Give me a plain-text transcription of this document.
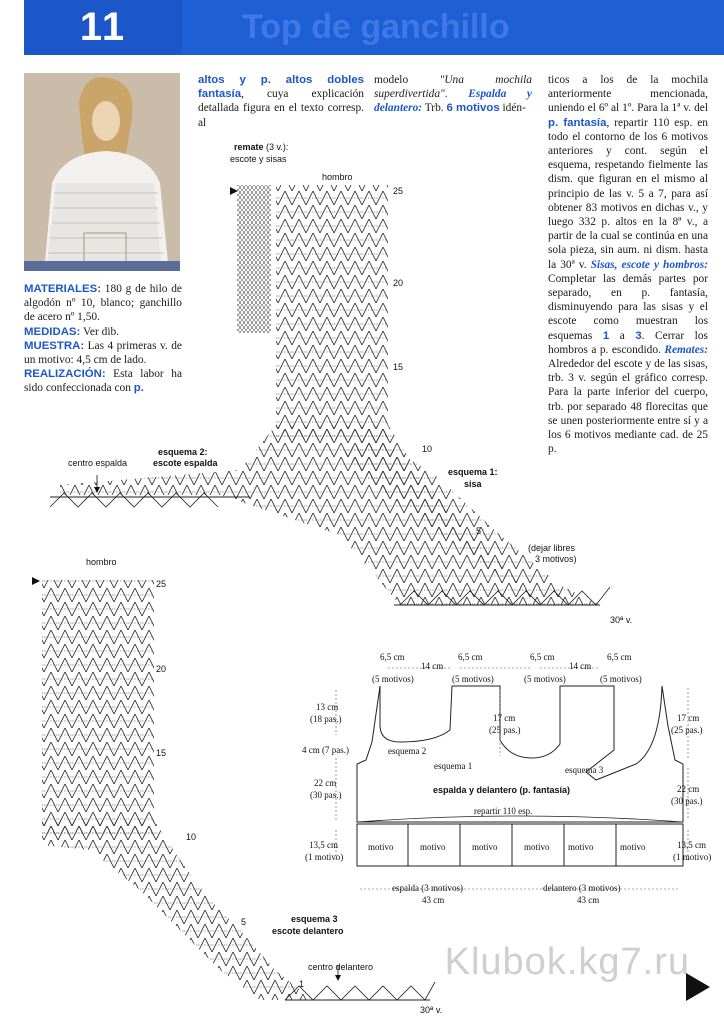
11	Top de ganchillo

MATERIALES: 180 g de hilo de algodón nº 10, blanco; ganchillo de acero nº 1,50.

MEDIDAS: Ver dib.

MUESTRA: Las 4 primeras v. de un motivo: 4,5 cm de lado.

REALIZACIÓN: Esta labor ha sido confeccionada con p.

altos y p. altos dobles fantasía, cuya explicación detallada figura en el texto corresp. al

modelo "Una mochila superdivertida". Espalda y delantero: Trb. 6 motivos idén-

ticos a los de la mochila anteriormente mencionada, uniendo el 6º al 1º. Para la 1ª v. del p. fantasía, repartir 110 esp. en todo el contorno de los 6 motivos anteriores y cont. según el esquema, respetando fielmente las dism. que figuran en el mismo al principio de las v. 5 a 7, para así obtener 83 motivos en dichas v., y luego 332 p. altos en la 8ª v., a partir de la cual se continúa en una sola pieza, sin aum. ni dism. hasta la 30ª v. Sisas, escote y hombros: Completar las demás partes por separado, en p. fantasía, disminuyendo para las sisas y el escote como muestran los esquemas 1 a 3. Cerrar los hombros a p. escondido. Remates: Alrededor del escote y de las sisas, trb. 3 v. según el gráfico corresp. Para la parte inferior del cuerpo, trb. por separado 48 florecitas que se unen posteriormente entre sí y a los 6 motivos mediante cad. de 25 p.

remate (3 v.):
escote y sisas
hombro
25
20
15
10
5
esquema 2:
escote espalda
centro espalda
esquema 1:
sisa
(dejar libres
3 motivos)
30ª v.
hombro
25
20
15
10
5
1
esquema 3
escote delantero
centro delantero
30ª v.
6,5 cm
(5 motivos)
14 cm
6,5 cm
(5 motivos)
6,5 cm
(5 motivos)
14 cm
6,5 cm
(5 motivos)
13 cm
(18 pas.)
4 cm (7 pas.)
22 cm
(30 pas.)
13,5 cm
(1 motivo)
17 cm
(25 pas.)
17 cm
(25 pas.)
22 cm
(30 pas.)
13,5 cm
(1 motivo)
esquema 2
esquema 1	esquema 3
espalda y delantero (p. fantasía)
repartir 110 esp.
motivo	motivo	motivo	motivo motivo	motivo
espalda (3 motivos)
43 cm
delantero (3 motivos)
43 cm
Klubok.kg7.ru
